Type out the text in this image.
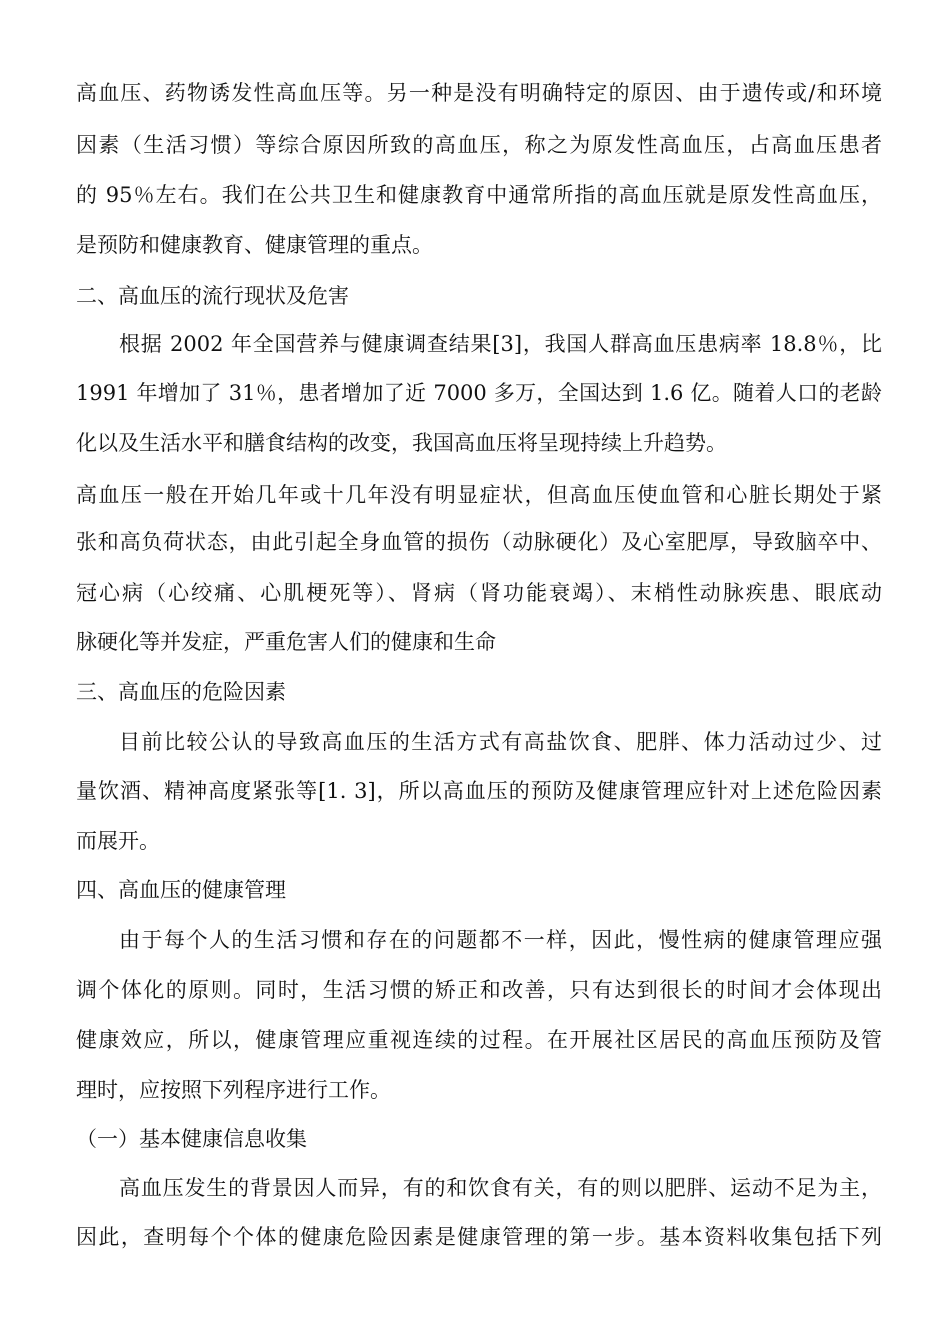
高血压、药物诱发性高血压等。另一种是没有明确特定的原因、由于遗传或/和环境
因素（生活习惯）等综合原因所致的高血压，称之为原发性高血压，占高血压患者
的 95％左右。我们在公共卫生和健康教育中通常所指的高血压就是原发性高血压，
是预防和健康教育、健康管理的重点。
二、高血压的流行现状及危害
根据 2002 年全国营养与健康调查结果[3]，我国人群高血压患病率 18.8％，比
1991 年增加了 31％，患者增加了近 7000 多万，全国达到 1.6 亿。随着人口的老龄
化以及生活水平和膳食结构的改变，我国高血压将呈现持续上升趋势。
高血压一般在开始几年或十几年没有明显症状，但高血压使血管和心脏长期处于紧
张和高负荷状态，由此引起全身血管的损伤（动脉硬化）及心室肥厚，导致脑卒中、
冠心病（心绞痛、心肌梗死等）、肾病（肾功能衰竭）、末梢性动脉疾患、眼底动
脉硬化等并发症，严重危害人们的健康和生命
三、高血压的危险因素
目前比较公认的导致高血压的生活方式有高盐饮食、肥胖、体力活动过少、过
量饮酒、精神高度紧张等[1. 3]，所以高血压的预防及健康管理应针对上述危险因素
而展开。
四、高血压的健康管理
由于每个人的生活习惯和存在的问题都不一样，因此，慢性病的健康管理应强
调个体化的原则。同时，生活习惯的矫正和改善，只有达到很长的时间才会体现出
健康效应，所以，健康管理应重视连续的过程。在开展社区居民的高血压预防及管
理时，应按照下列程序进行工作。
（一）基本健康信息收集
高血压发生的背景因人而异，有的和饮食有关，有的则以肥胖、运动不足为主，
因此，查明每个个体的健康危险因素是健康管理的第一步。基本资料收集包括下列
